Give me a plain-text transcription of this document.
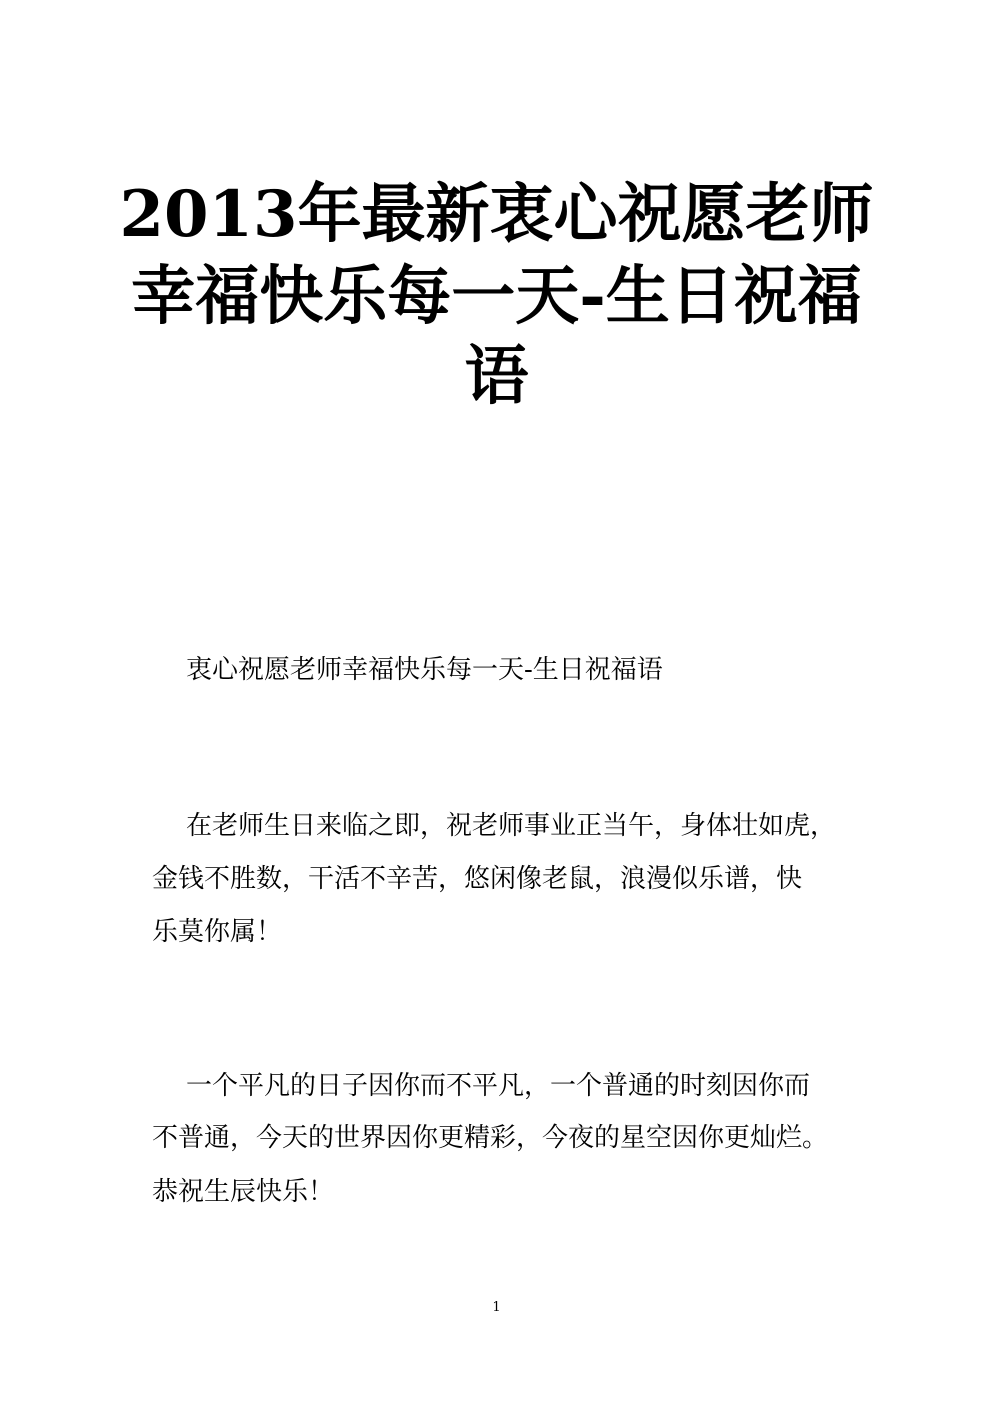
2013年最新衷心祝愿老师
幸福快乐每一天-生日祝福
语
衷心祝愿老师幸福快乐每一天-生日祝福语
在老师生日来临之即，祝老师事业正当午，身体壮如虎，
金钱不胜数，干活不辛苦，悠闲像老鼠，浪漫似乐谱，快
乐莫你属！
一个平凡的日子因你而不平凡，一个普通的时刻因你而
不普通，今天的世界因你更精彩，今夜的星空因你更灿烂。
恭祝生辰快乐！
1
